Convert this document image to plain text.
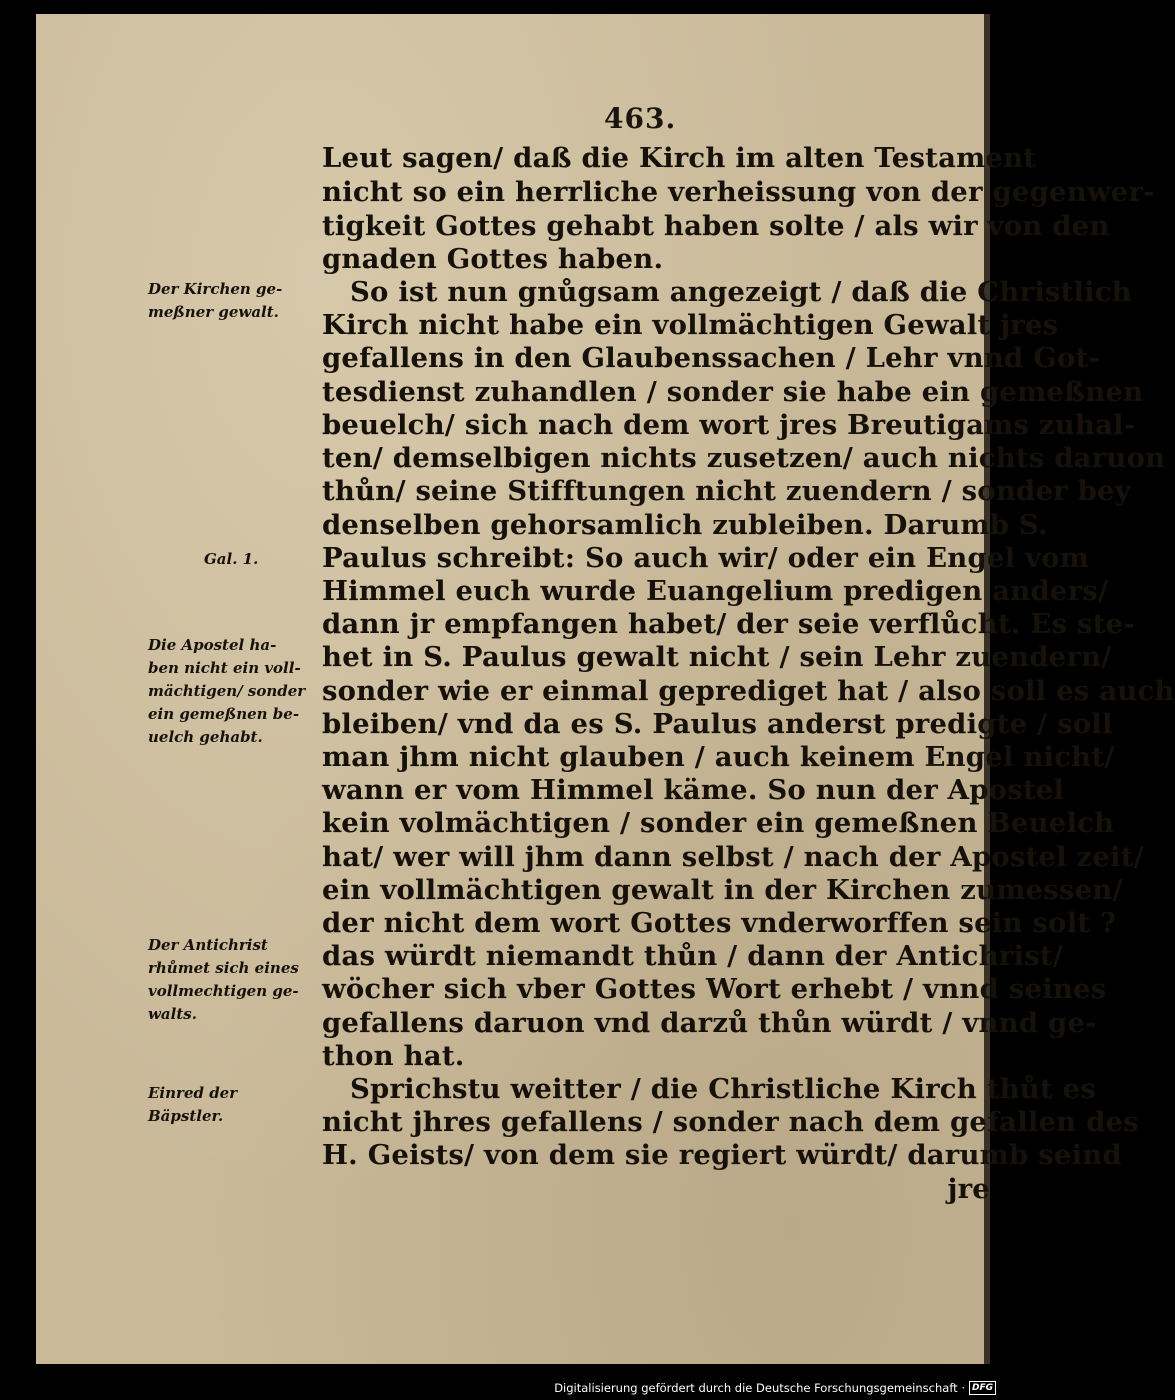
463.
Leut sagen/ daß die Kirch im alten Testament
nicht so ein herrliche verheissung von der gegenwer-
tigkeit Gottes gehabt haben solte / als wir von den
gnaden Gottes haben.
So ist nun gnůgsam angezeigt / daß die Christlich
Kirch nicht habe ein vollmächtigen Gewalt jres
gefallens in den Glaubenssachen / Lehr vnnd Got-
tesdienst zuhandlen / sonder sie habe ein gemeßnen
beuelch/ sich nach dem wort jres Breutigams zuhal-
ten/ demselbigen nichts zusetzen/ auch nichts daruon
thůn/ seine Stifftungen nicht zuendern / sonder bey
denselben gehorsamlich zubleiben. Darumb S.
Paulus schreibt: So auch wir/ oder ein Engel vom
Himmel euch wurde Euangelium predigen anders/
dann jr empfangen habet/ der seie verflůcht. Es ste-
het in S. Paulus gewalt nicht / sein Lehr zuendern/
sonder wie er einmal geprediget hat / also soll es auch
bleiben/ vnd da es S. Paulus anderst predigte / soll
man jhm nicht glauben / auch keinem Engel nicht/
wann er vom Himmel käme. So nun der Apostel
kein volmächtigen / sonder ein gemeßnen Beuelch
hat/ wer will jhm dann selbst / nach der Apostel zeit/
ein vollmächtigen gewalt in der Kirchen zumessen/
der nicht dem wort Gottes vnderworffen sein solt ?
das würdt niemandt thůn / dann der Antichrist/
wöcher sich vber Gottes Wort erhebt / vnnd seines
gefallens daruon vnd darzů thůn würdt / vnnd ge-
thon hat.
Sprichstu weitter / die Christliche Kirch thůt es
nicht jhres gefallens / sonder nach dem gefallen des
H. Geists/ von dem sie regiert würdt/ darumb seind
jre
Der Kirchen ge-
meßner gewalt.
Gal. 1.
Die Apostel ha-
ben nicht ein voll-
mächtigen/ sonder
ein gemeßnen be-
uelch gehabt.
Der Antichrist
rhůmet sich eines
vollmechtigen ge-
walts.
Einred der
Bäpstler.
Digitalisierung gefördert durch die Deutsche Forschungsgemeinschaft · DFG
